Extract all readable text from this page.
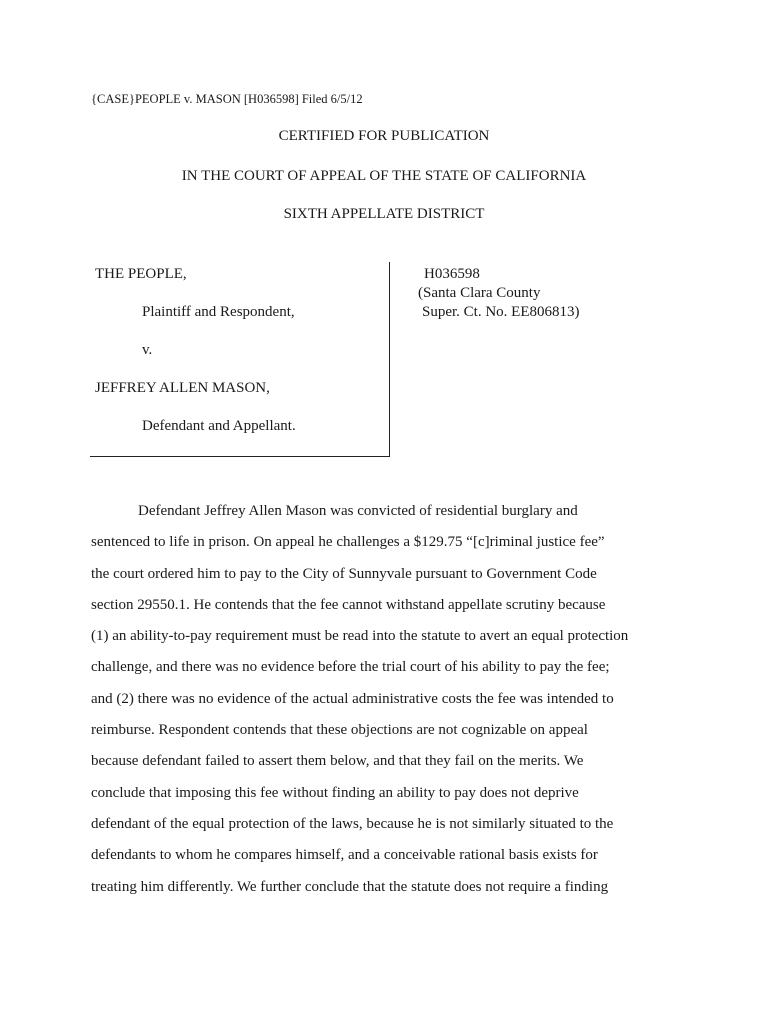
{CASE}PEOPLE v. MASON [H036598] Filed 6/5/12
CERTIFIED FOR PUBLICATION
IN THE COURT OF APPEAL OF THE STATE OF CALIFORNIA
SIXTH APPELLATE DISTRICT
THE PEOPLE,
Plaintiff and Respondent,
v.
JEFFREY ALLEN MASON,
Defendant and Appellant.
H036598
(Santa Clara County
Super. Ct. No. EE806813)
Defendant Jeffrey Allen Mason was convicted of residential burglary and
sentenced to life in prison. On appeal he challenges a $129.75 “[c]riminal justice fee”
the court ordered him to pay to the City of Sunnyvale pursuant to Government Code
section 29550.1. He contends that the fee cannot withstand appellate scrutiny because
(1) an ability-to-pay requirement must be read into the statute to avert an equal protection
challenge, and there was no evidence before the trial court of his ability to pay the fee;
and (2) there was no evidence of the actual administrative costs the fee was intended to
reimburse. Respondent contends that these objections are not cognizable on appeal
because defendant failed to assert them below, and that they fail on the merits. We
conclude that imposing this fee without finding an ability to pay does not deprive
defendant of the equal protection of the laws, because he is not similarly situated to the
defendants to whom he compares himself, and a conceivable rational basis exists for
treating him differently. We further conclude that the statute does not require a finding
